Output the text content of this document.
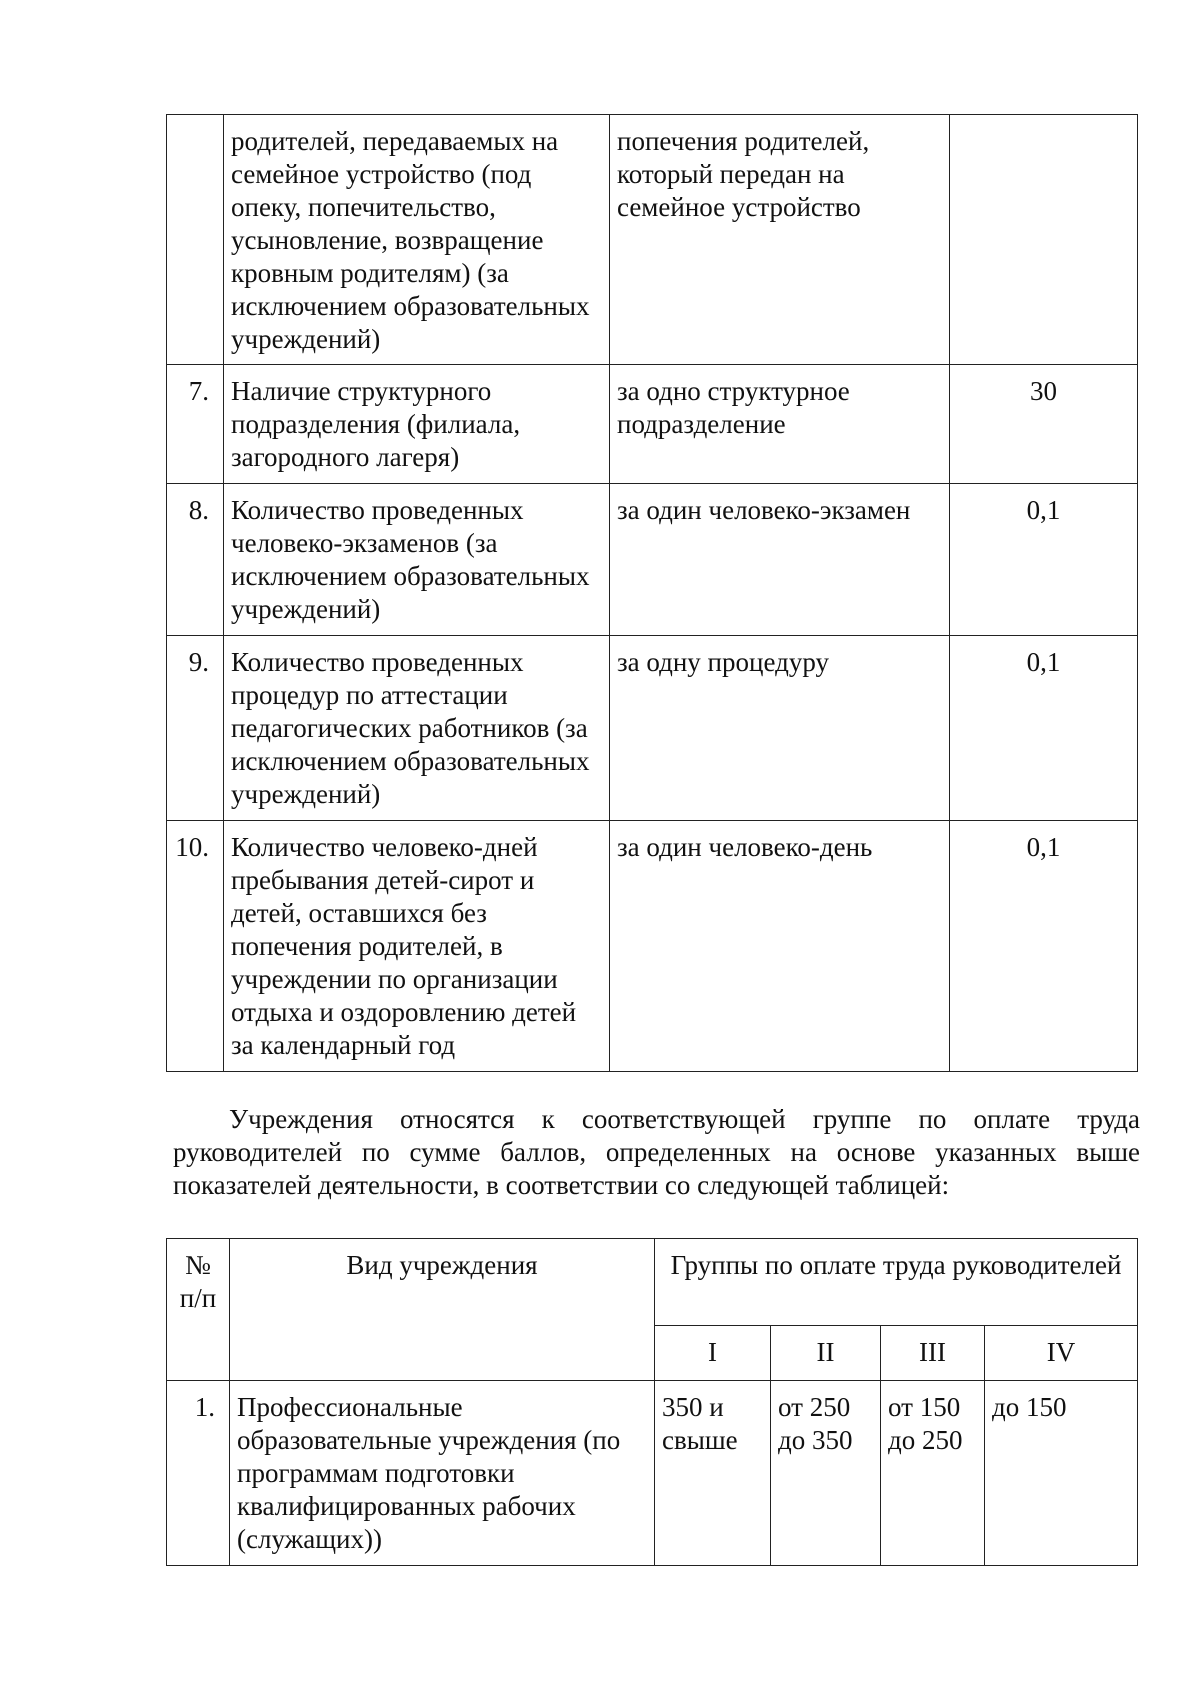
	родителей, передаваемых на семейное устройство (под опеку, попечительство, усыновление, возвращение кровным родителям) (за исключением образовательных учреждений)	попечения родителей, который передан на семейное устройство	
7.	Наличие структурного подразделения (филиала, загородного лагеря)	за одно структурное подразделение	30
8.	Количество проведенных человеко-экзаменов (за исключением образовательных учреждений)	за один человеко-экзамен	0,1
9.	Количество проведенных процедур по аттестации педагогических работников (за исключением образовательных учреждений)	за одну процедуру	0,1
10.	Количество человеко-дней пребывания детей-сирот и детей, оставшихся без попечения родителей, в учреждении по организации отдыха и оздоровлению детей за календарный год	за один человеко-день	0,1

Учреждения относятся к соответствующей группе по оплате труда руководителей по сумме баллов, определенных на основе указанных выше показателей деятельности, в соответствии со следующей таблицей:

№ п/п	Вид учреждения	Группы по оплате труда руководителей			
		I	II	III	IV
1.	Профессиональные образовательные учреждения (по программам подготовки квалифицированных рабочих (служащих))	350 и свыше	от 250 до 350	от 150 до 250	до 150
